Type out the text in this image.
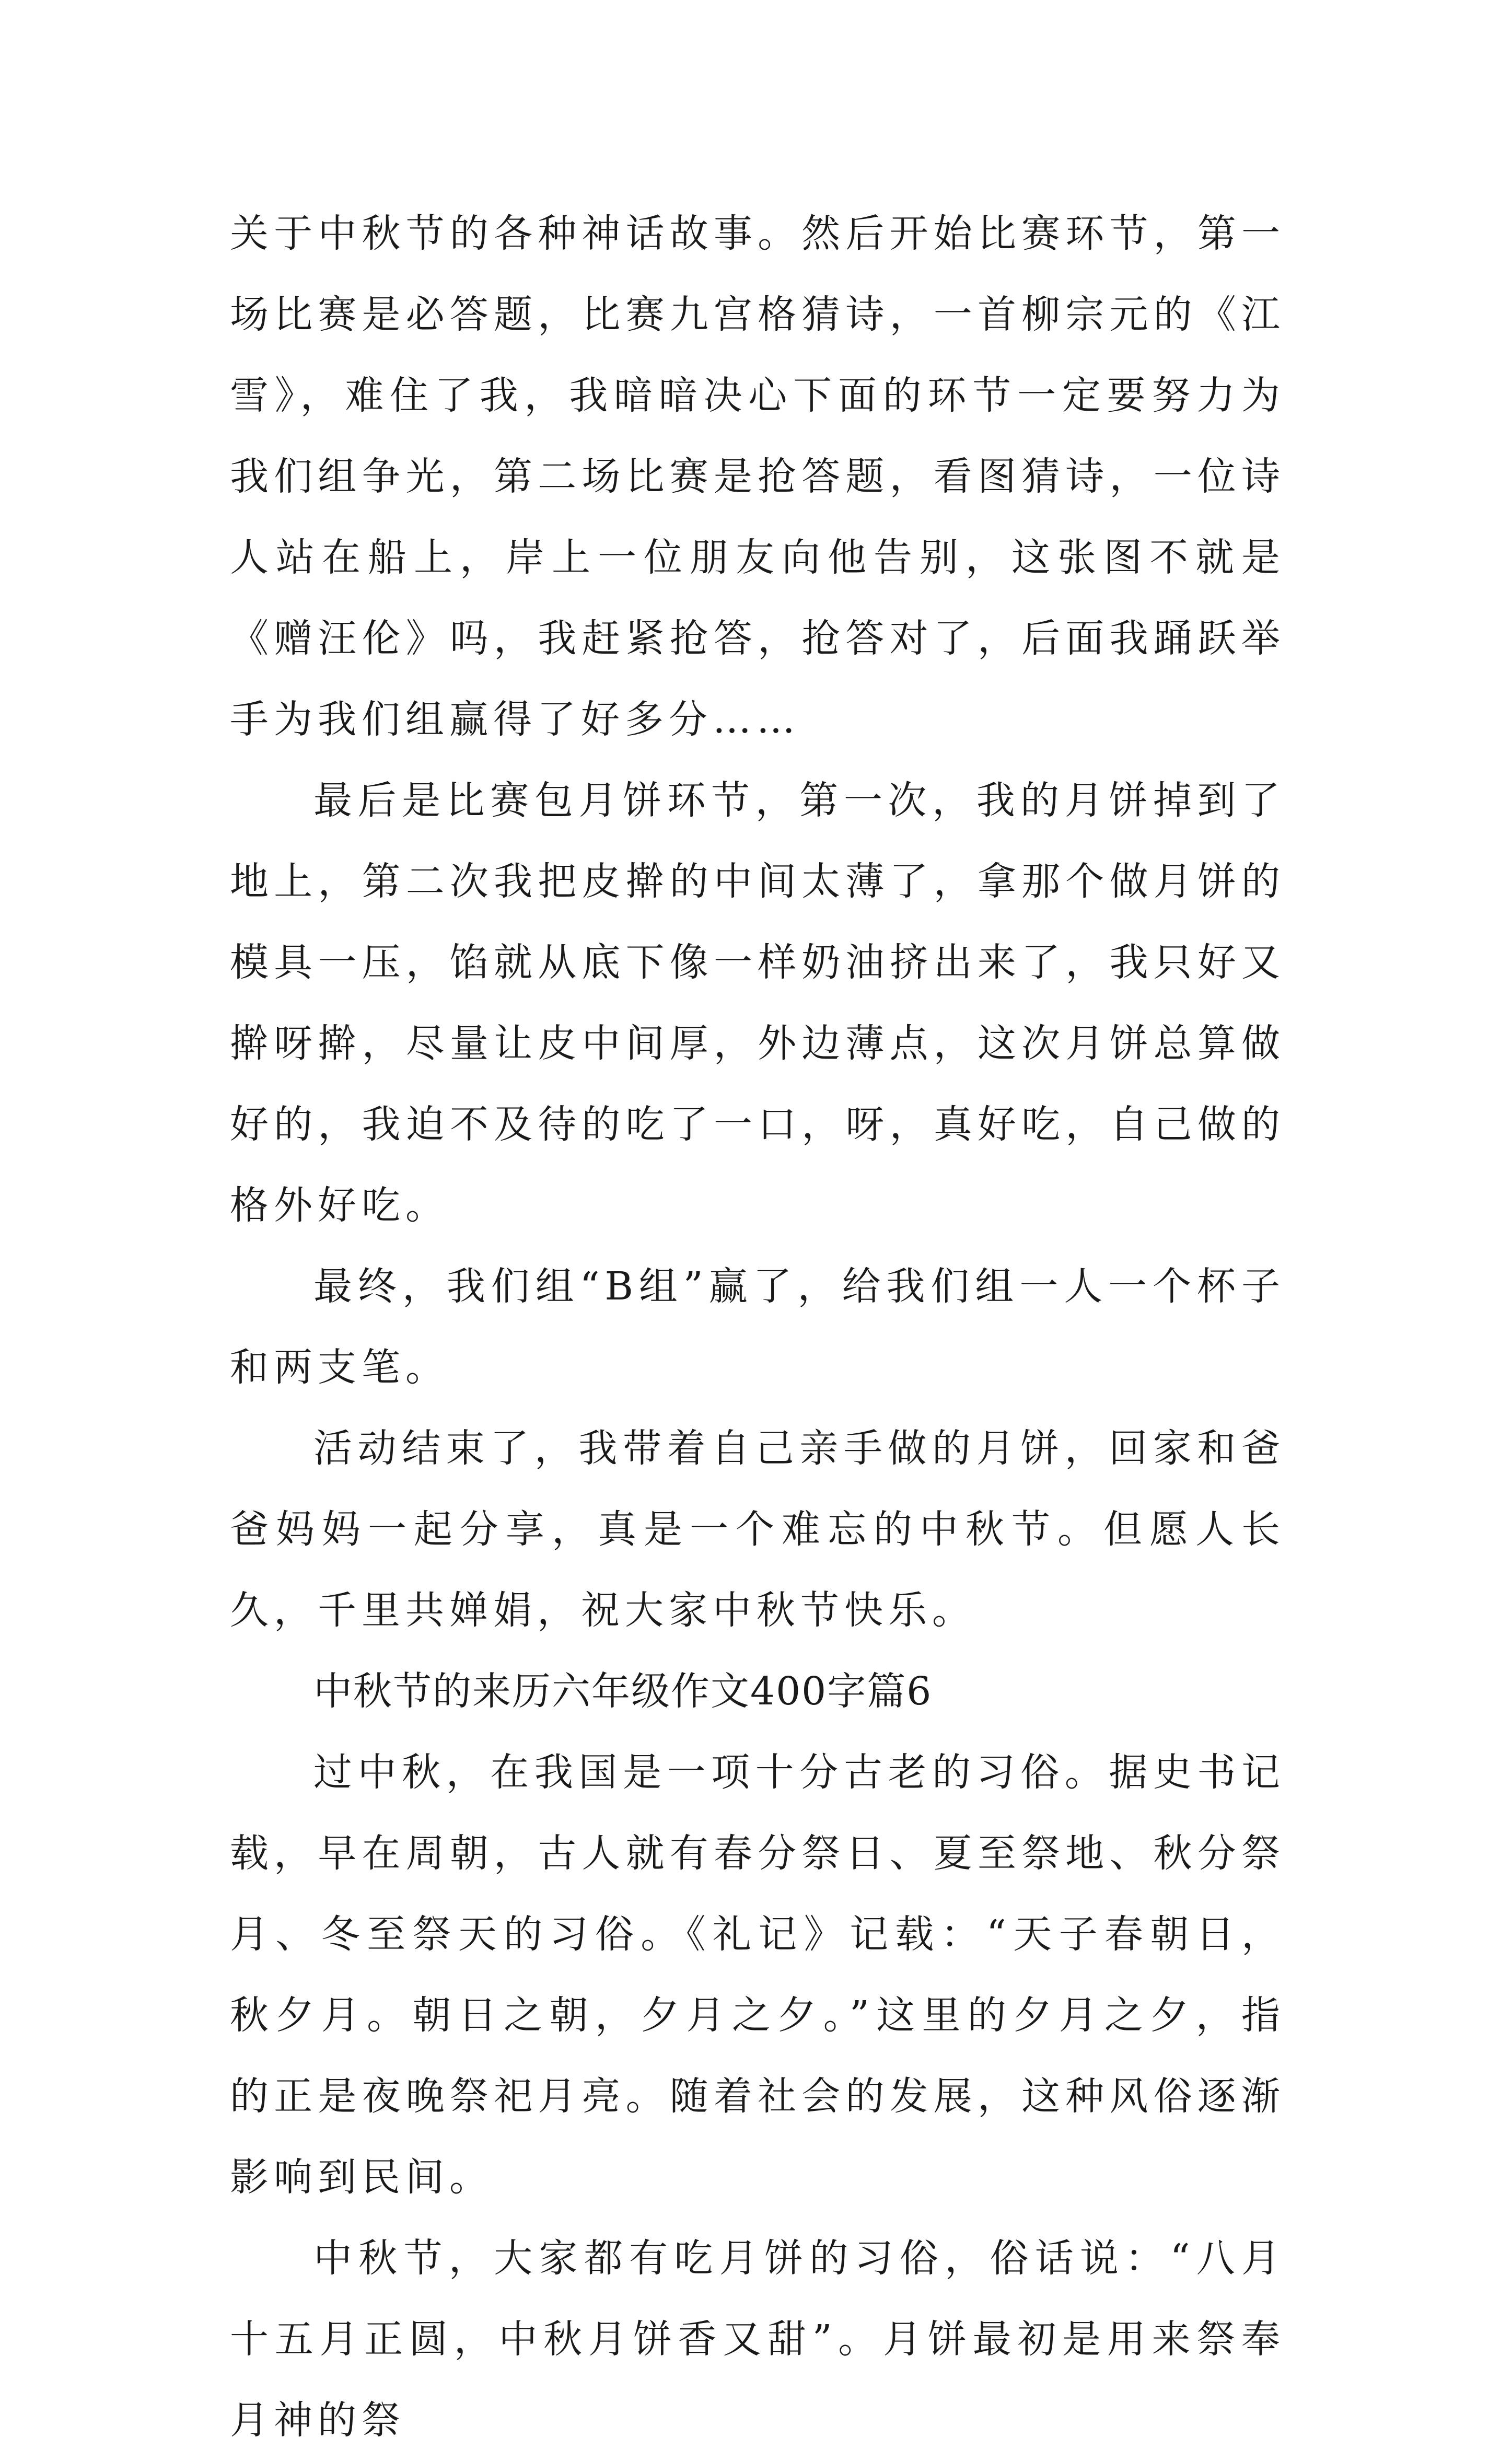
关于中秋节的各种神话故事。然后开始比赛环节，第一场比赛是必答题，比赛九宫格猜诗，一首柳宗元的《江雪》，难住了我，我暗暗决心下面的环节一定要努力为我们组争光，第二场比赛是抢答题，看图猜诗，一位诗人站在船上，岸上一位朋友向他告别，这张图不就是《赠汪伦》吗，我赶紧抢答，抢答对了，后面我踊跃举手为我们组赢得了好多分……

最后是比赛包月饼环节，第一次，我的月饼掉到了地上，第二次我把皮擀的中间太薄了，拿那个做月饼的模具一压，馅就从底下像一样奶油挤出来了，我只好又擀呀擀，尽量让皮中间厚，外边薄点，这次月饼总算做好的，我迫不及待的吃了一口，呀，真好吃，自己做的格外好吃。

最终，我们组“B组”赢了，给我们组一人一个杯子和两支笔。

活动结束了，我带着自己亲手做的月饼，回家和爸爸妈妈一起分享，真是一个难忘的中秋节。但愿人长久，千里共婵娟，祝大家中秋节快乐。

中秋节的来历六年级作文400字篇6

过中秋，在我国是一项十分古老的习俗。据史书记载，早在周朝，古人就有春分祭日、夏至祭地、秋分祭月、冬至祭天的习俗。《礼记》记载：“天子春朝日，秋夕月。朝日之朝，夕月之夕。”这里的夕月之夕，指的正是夜晚祭祀月亮。随着社会的发展，这种风俗逐渐影响到民间。

中秋节，大家都有吃月饼的习俗，俗话说：“八月十五月正圆，中秋月饼香又甜”。月饼最初是用来祭奉月神的祭
